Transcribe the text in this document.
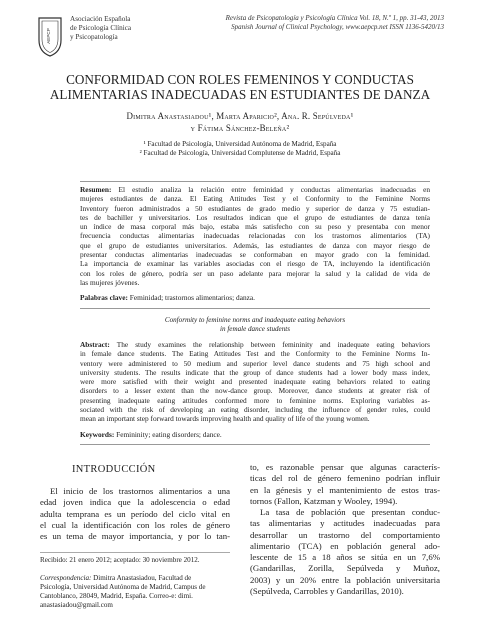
AEPCP
Asociación Española
de Psicología Clínica
y Psicopatología
Revista de Psicopatología y Psicología Clínica Vol. 18, N.º 1, pp. 31-43, 2013
Spanish Journal of Clinical Psychology, www.aepcp.net ISSN 1136-5420/13
CONFORMIDAD CON ROLES FEMENINOS Y CONDUCTAS
ALIMENTARIAS INADECUADAS EN ESTUDIANTES DE DANZA
Dimitra Anastasiadou¹, Marta Aparicio², Ana. R. Sepúlveda¹
y Fátima Sánchez-Beleña²
¹ Facultad de Psicología, Universidad Autónoma de Madrid, España
² Facultad de Psicología, Universidad Complutense de Madrid, España
Resumen: El estudio analiza la relación entre feminidad y conductas alimentarias inadecuadas en
mujeres estudiantes de danza. El Eating Attitudes Test y el Conformity to the Feminine Norms
Inventory fueron administrados a 50 estudiantes de grado medio y superior de danza y 75 estudian-
tes de bachiller y universitarios. Los resultados indican que el grupo de estudiantes de danza tenía
un índice de masa corporal más bajo, estaba más satisfecho con su peso y presentaba con menor
frecuencia conductas alimentarias inadecuadas relacionadas con los trastornos alimentarios (TA)
que el grupo de estudiantes universitarios. Además, las estudiantes de danza con mayor riesgo de
presentar conductas alimentarias inadecuadas se conformaban en mayor grado con la feminidad.
La importancia de examinar las variables asociadas con el riesgo de TA, incluyendo la identificación
con los roles de género, podría ser un paso adelante para mejorar la salud y la calidad de vida de
las mujeres jóvenes.
Palabras clave: Feminidad; trastornos alimentarios; danza.
Conformity to feminine norms and inadequate eating behaviors
in female dance students
Abstract: The study examines the relationship between femininity and inadequate eating behaviors
in female dance students. The Eating Attitudes Test and the Conformity to the Feminine Norms In-
ventory were administered to 50 medium and superior level dance students and 75 high school and
university students. The results indicate that the group of dance students had a lower body mass index,
were more satisfied with their weight and presented inadequate eating behaviors related to eating
disorders to a lesser extent than the now-dance group. Moreover, dance students at greater risk of
presenting inadequate eating attitudes conformed more to feminine norms. Exploring variables as-
sociated with the risk of developing an eating disorder, including the influence of gender roles, could
mean an important step forward towards improving health and quality of life of the young women.
Keywords: Femininity; eating disorders; dance.
INTRODUCCIÓN
El inicio de los trastornos alimentarios a una
edad joven indica que la adolescencia o edad
adulta temprana es un período del ciclo vital en
el cual la identificación con los roles de género
es un tema de mayor importancia, y por lo tan-
to, es razonable pensar que algunas caracterís-
ticas del rol de género femenino podrían influir
en la génesis y el mantenimiento de estos tras-
tornos (Fallon, Katzman y Wooley, 1994).
La tasa de población que presentan conduc-
tas alimentarias y actitudes inadecuadas para
desarrollar un trastorno del comportamiento
alimentario (TCA) en población general ado-
lescente de 15 a 18 años se sitúa en un 7,6%
(Gandarillas, Zorilla, Sepúlveda y Muñoz,
2003) y un 20% entre la población universitaria
(Sepúlveda, Carrobles y Gandarillas, 2010).
Recibido: 21 enero 2012; aceptado: 30 noviembre 2012.
Correspondencia: Dimitra Anastasiadou, Facultad de
Psicología, Universidad Autónoma de Madrid, Campus de
Cantoblanco, 28049, Madrid, España. Correo-e: dimi.
anastasiadou@gmail.com
